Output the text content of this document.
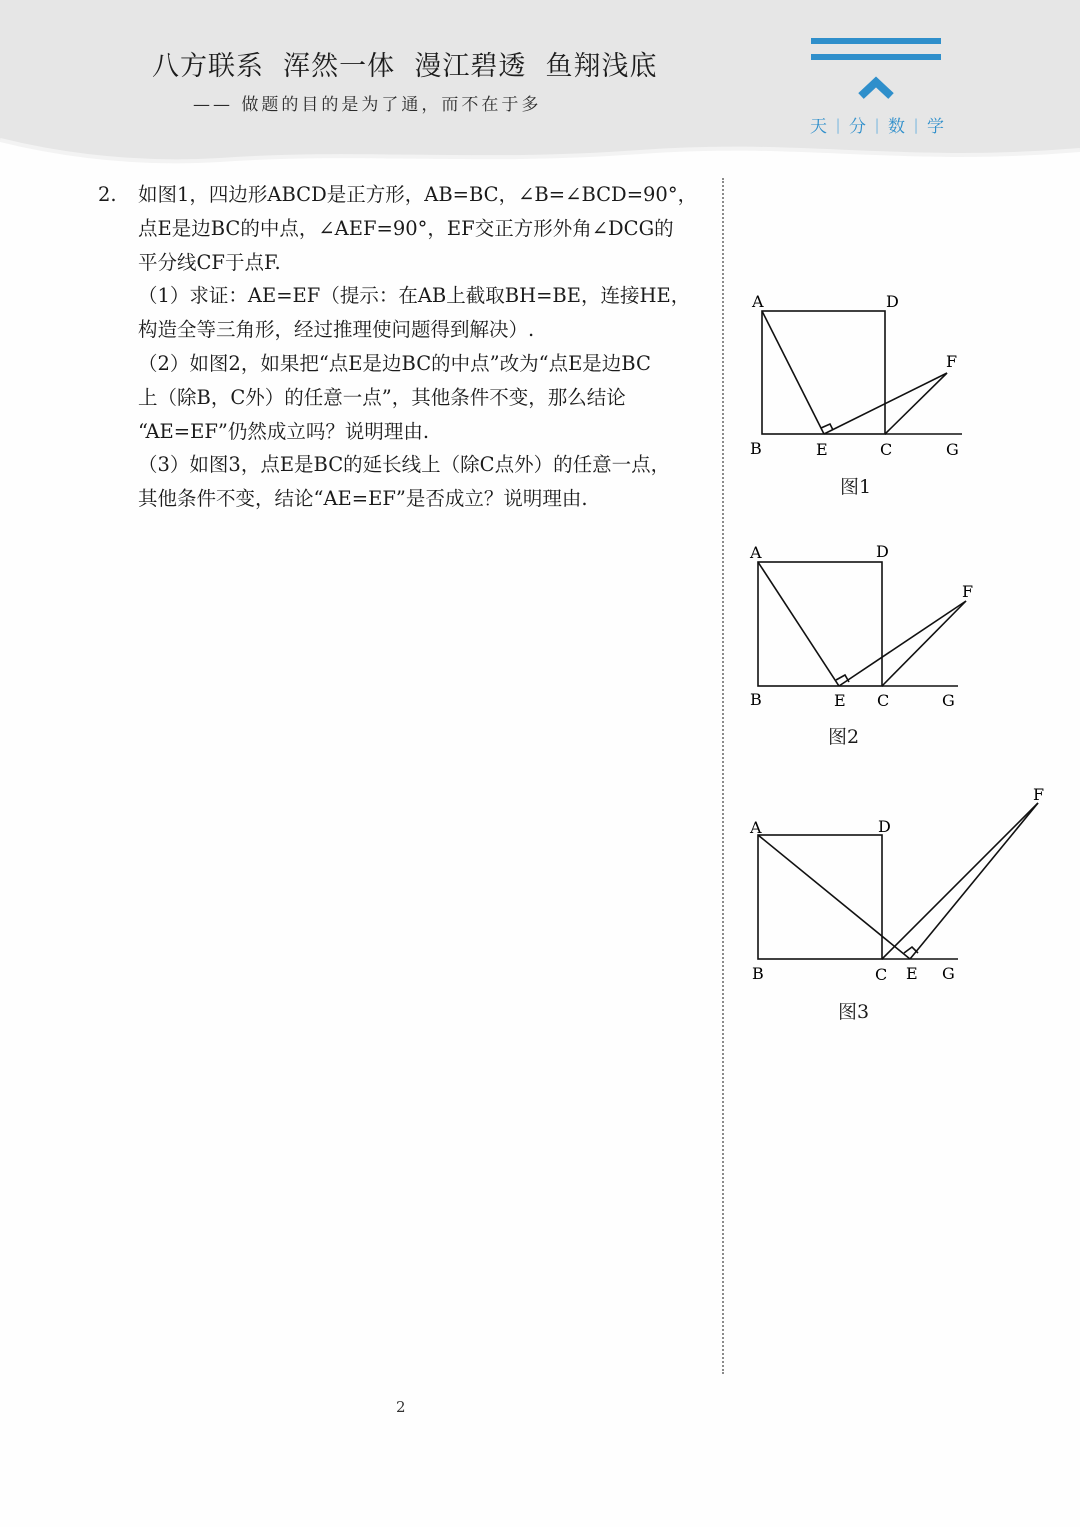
八方联系  浑然一体  漫江碧透  鱼翔浅底
—— 做题的目的是为了通，而不在于多
天 | 分 | 数 | 学
2. 如图1，四边形ABCD是正方形，AB=BC，∠B=∠BCD=90°，
点E是边BC的中点，∠AEF=90°，EF交正方形外角∠DCG的
平分线CF于点F.
（1）求证：AE=EF（提示：在AB上截取BH=BE，连接HE，
构造全等三角形，经过推理使问题得到解决）.
（2）如图2，如果把“点E是边BC的中点”改为“点E是边BC
上（除B，C外）的任意一点”，其他条件不变，那么结论
“AE=EF”仍然成立吗？说明理由.
（3）如图3，点E是BC的延长线上（除C点外）的任意一点，
其他条件不变，结论“AE=EF”是否成立？说明理由.
A	D
F
B	E	C	G
图1
A	D
F
B	E C	G
图2
A	D
F
B	C E G
图3
2
